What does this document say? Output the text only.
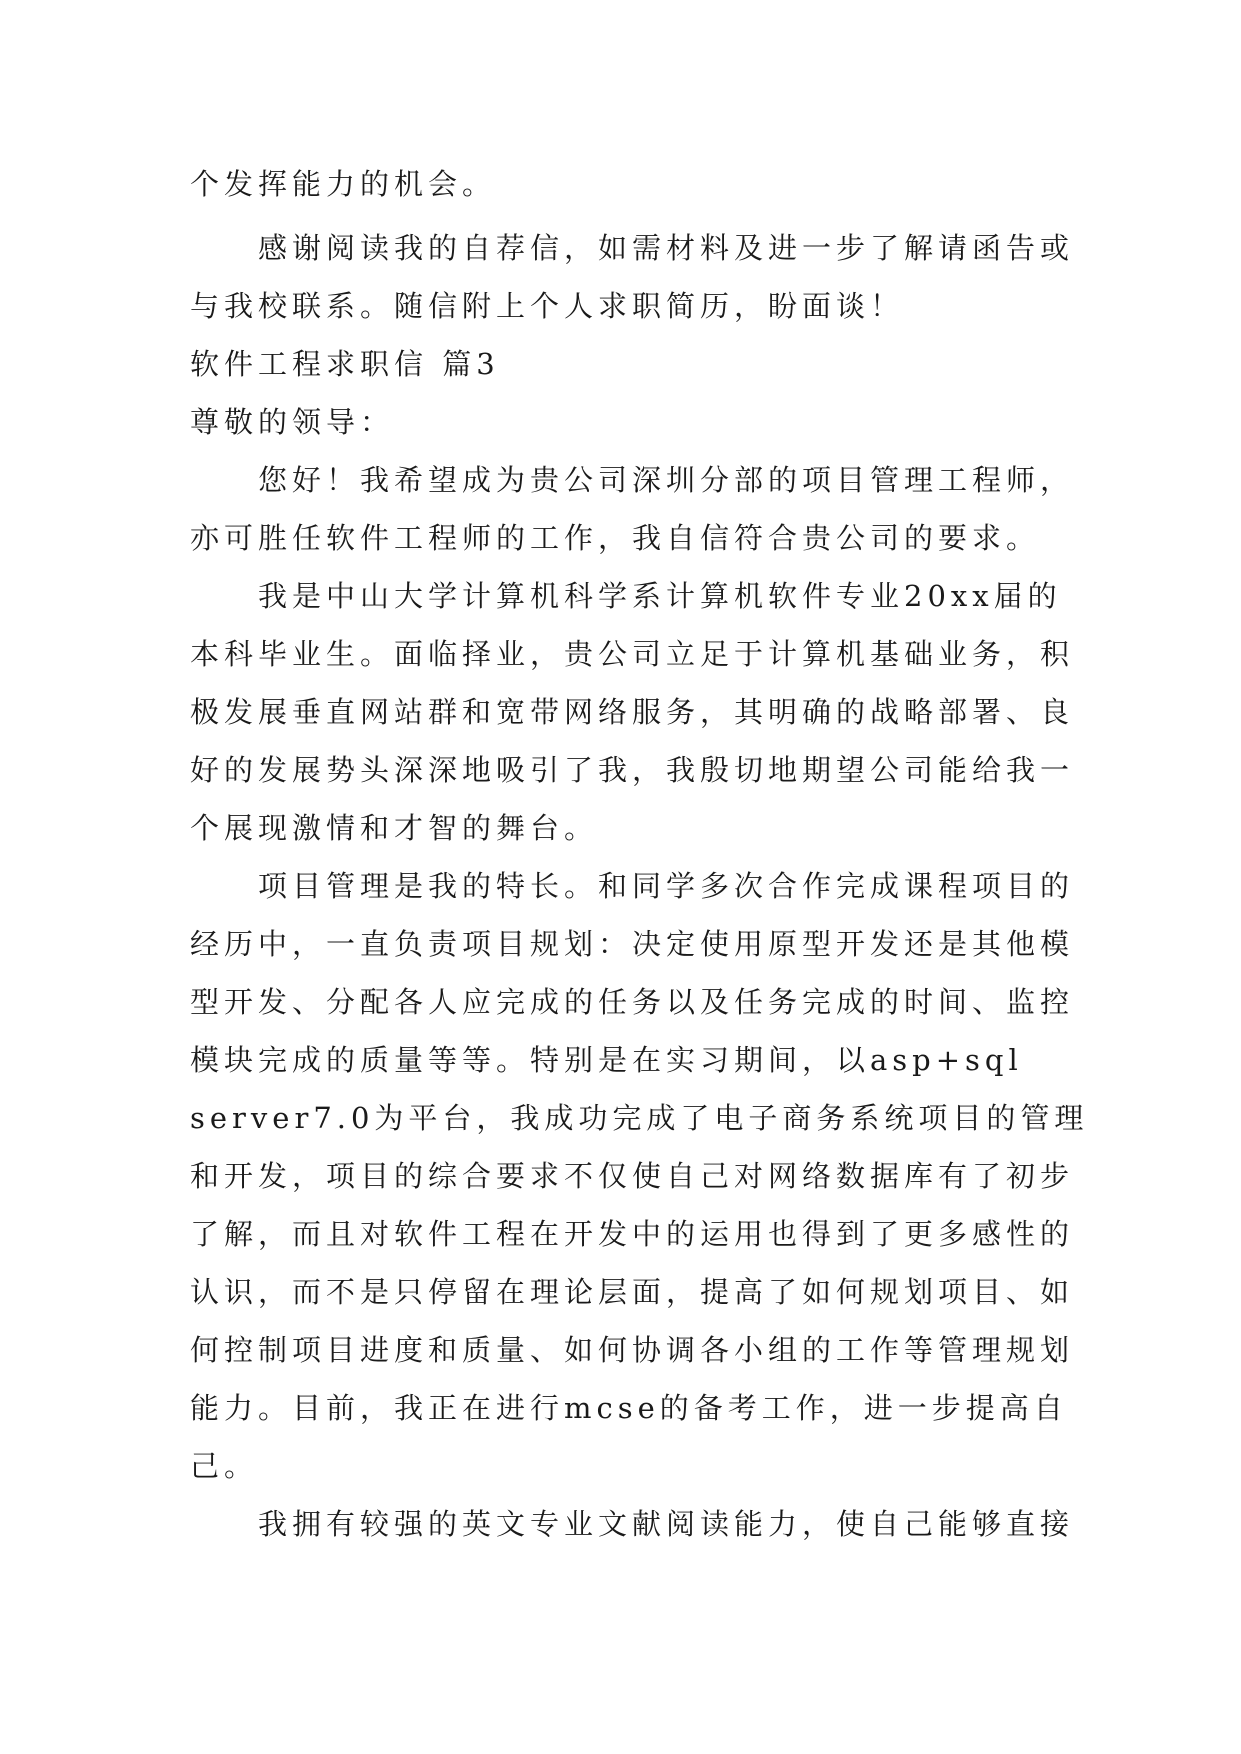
个发挥能力的机会。

　　感谢阅读我的自荐信，如需材料及进一步了解请函告或

与我校联系。随信附上个人求职简历，盼面谈！

软件工程求职信 篇3

尊敬的领导：

　　您好！我希望成为贵公司深圳分部的项目管理工程师，

亦可胜任软件工程师的工作，我自信符合贵公司的要求。

　　我是中山大学计算机科学系计算机软件专业20xx届的

本科毕业生。面临择业，贵公司立足于计算机基础业务，积

极发展垂直网站群和宽带网络服务，其明确的战略部署、良

好的发展势头深深地吸引了我，我殷切地期望公司能给我一

个展现激情和才智的舞台。

　　项目管理是我的特长。和同学多次合作完成课程项目的

经历中，一直负责项目规划：决定使用原型开发还是其他模

型开发、分配各人应完成的任务以及任务完成的时间、监控

模块完成的质量等等。特别是在实习期间，以asp+sql

server7.0为平台，我成功完成了电子商务系统项目的管理

和开发，项目的综合要求不仅使自己对网络数据库有了初步

了解，而且对软件工程在开发中的运用也得到了更多感性的

认识，而不是只停留在理论层面，提高了如何规划项目、如

何控制项目进度和质量、如何协调各小组的工作等管理规划

能力。目前，我正在进行mcse的备考工作，进一步提高自

己。

　　我拥有较强的英文专业文献阅读能力，使自己能够直接
